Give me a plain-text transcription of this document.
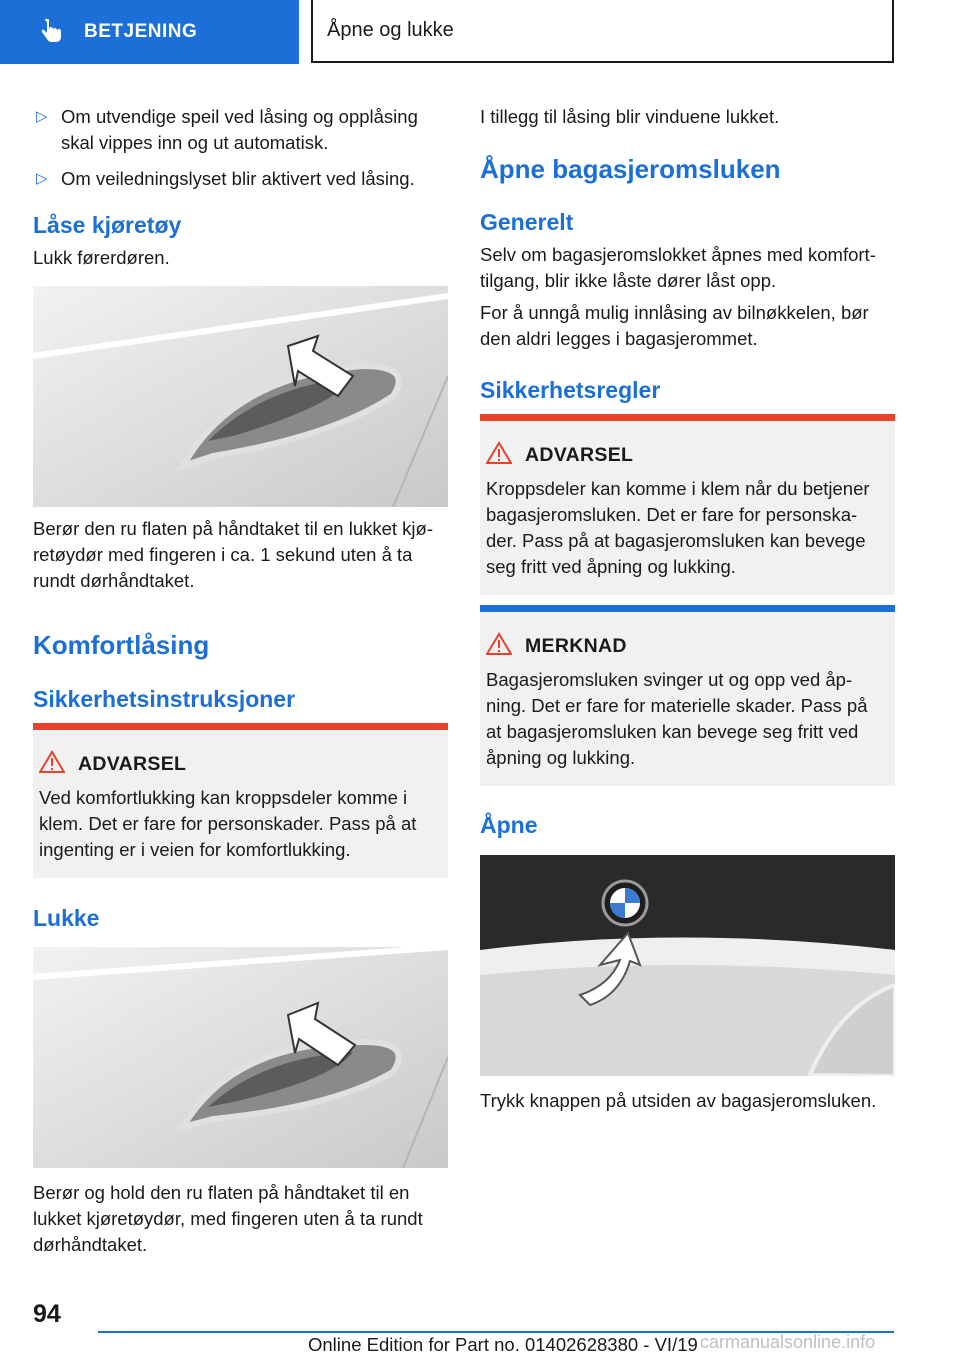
BETJENING	Åpne og lukke
▷ Om utvendige speil ved låsing og opplåsing skal vippes inn og ut automatisk.
▷ Om veiledningslyset blir aktivert ved låsing.
Låse kjøretøy

Lukk førerdøren.

Berør den ru flaten på håndtaket til en lukket kjø-retøydør med fingeren i ca. 1 sekund uten å ta rundt dørhåndtaket.

Komfortlåsing
Sikkerhetsinstruksjoner
ADVARSEL
Ved komfortlukking kan kroppsdeler komme i klem. Det er fare for personskader. Pass på at ingenting er i veien for komfortlukking.
Lukke

Berør og hold den ru flaten på håndtaket til en lukket kjøretøydør, med fingeren uten å ta rundt dørhåndtaket.

I tillegg til låsing blir vinduene lukket.

Åpne bagasjeromsluken
Generelt

Selv om bagasjeromslokket åpnes med komfort-tilgang, blir ikke låste dører låst opp.

For å unngå mulig innlåsing av bilnøkkelen, bør den aldri legges i bagasjerommet.

Sikkerhetsregler
ADVARSEL
Kroppsdeler kan komme i klem når du betjener bagasjeromsluken. Det er fare for personska-der. Pass på at bagasjeromsluken kan bevege seg fritt ved åpning og lukking.
MERKNAD
Bagasjeromsluken svinger ut og opp ved åp-ning. Det er fare for materielle skader. Pass på at bagasjeromsluken kan bevege seg fritt ved åpning og lukking.
Åpne

Trykk knappen på utsiden av bagasjeromsluken.

94
Online Edition for Part no. 01402628380 - VI/19 carmanualsonline.info
